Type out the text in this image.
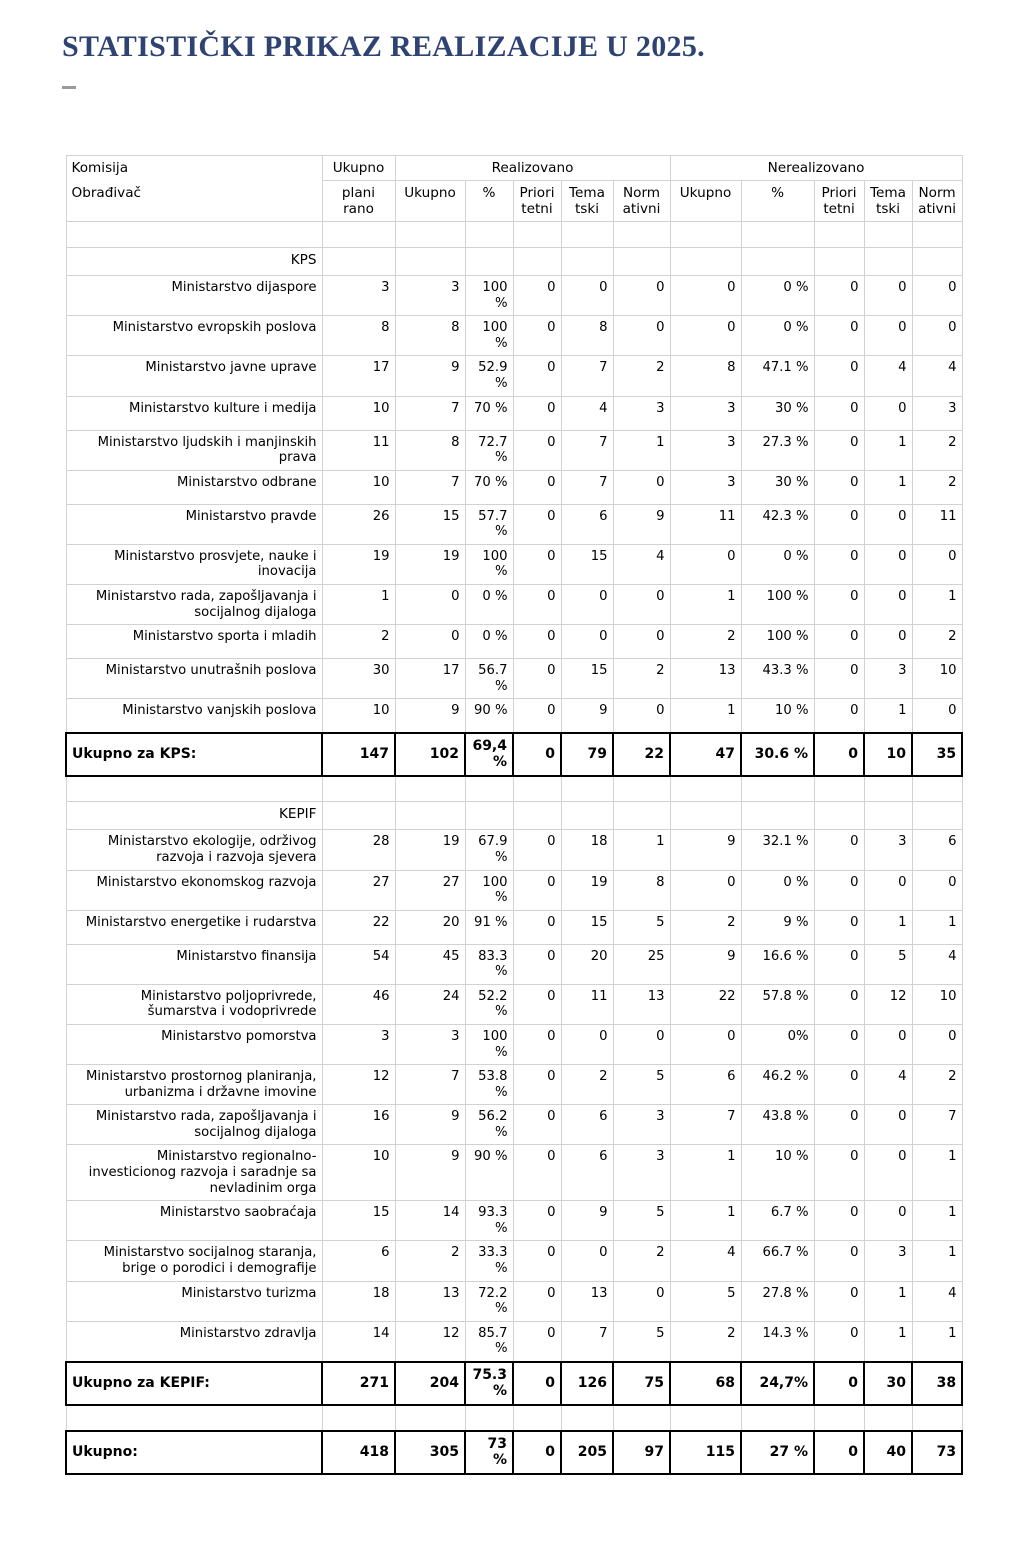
STATISTIČKI PRIKAZ REALIZACIJE U 2025.
Komisija
Obrađivač	Ukupno	Realizovano					Nerealizovano				
	plani rano	Ukupno	%	Priori tetni	Tema tski	Norm ativni	Ukupno	%	Priori tetni	Tema tski	Norm ativni

KPS											
Ministarstvo dijaspore	3	3	100 %	0	0	0	0	0 %	0	0	0
Ministarstvo evropskih poslova	8	8	100 %	0	8	0	0	0 %	0	0	0
Ministarstvo javne uprave	17	9	52.9 %	0	7	2	8	47.1 %	0	4	4
Ministarstvo kulture i medija	10	7	70 %	0	4	3	3	30 %	0	0	3
Ministarstvo ljudskih i manjinskih prava	11	8	72.7 %	0	7	1	3	27.3 %	0	1	2
Ministarstvo odbrane	10	7	70 %	0	7	0	3	30 %	0	1	2
Ministarstvo pravde	26	15	57.7 %	0	6	9	11	42.3 %	0	0	11
Ministarstvo prosvjete, nauke i inovacija	19	19	100 %	0	15	4	0	0 %	0	0	0
Ministarstvo rada, zapošljavanja i socijalnog dijaloga	1	0	0 %	0	0	0	1	100 %	0	0	1
Ministarstvo sporta i mladih	2	0	0 %	0	0	0	2	100 %	0	0	2
Ministarstvo unutrašnih poslova	30	17	56.7 %	0	15	2	13	43.3 %	0	3	10
Ministarstvo vanjskih poslova	10	9	90 %	0	9	0	1	10 %	0	1	0
Ukupno za KPS:	147	102	69,4 %	0	79	22	47	30.6 %	0	10	35

KEPIF											
Ministarstvo ekologije, održivog razvoja i razvoja sjevera	28	19	67.9 %	0	18	1	9	32.1 %	0	3	6
Ministarstvo ekonomskog razvoja	27	27	100 %	0	19	8	0	0 %	0	0	0
Ministarstvo energetike i rudarstva	22	20	91 %	0	15	5	2	9 %	0	1	1
Ministarstvo finansija	54	45	83.3 %	0	20	25	9	16.6 %	0	5	4
Ministarstvo poljoprivrede, šumarstva i vodoprivrede	46	24	52.2 %	0	11	13	22	57.8 %	0	12	10
Ministarstvo pomorstva	3	3	100 %	0	0	0	0	0%	0	0	0
Ministarstvo prostornog planiranja, urbanizma i državne imovine	12	7	53.8 %	0	2	5	6	46.2 %	0	4	2
Ministarstvo rada, zapošljavanja i socijalnog dijaloga	16	9	56.2 %	0	6	3	7	43.8 %	0	0	7
Ministarstvo regionalno-investicionog razvoja i saradnje sa nevladinim orga	10	9	90 %	0	6	3	1	10 %	0	0	1
Ministarstvo saobraćaja	15	14	93.3 %	0	9	5	1	6.7 %	0	0	1
Ministarstvo socijalnog staranja, brige o porodici i demografije	6	2	33.3 %	0	0	2	4	66.7 %	0	3	1
Ministarstvo turizma	18	13	72.2 %	0	13	0	5	27.8 %	0	1	4
Ministarstvo zdravlja	14	12	85.7 %	0	7	5	2	14.3 %	0	1	1
Ukupno za KEPIF:	271	204	75.3 %	0	126	75	68	24,7%	0	30	38

Ukupno:	418	305	73 %	0	205	97	115	27 %	0	40	73
